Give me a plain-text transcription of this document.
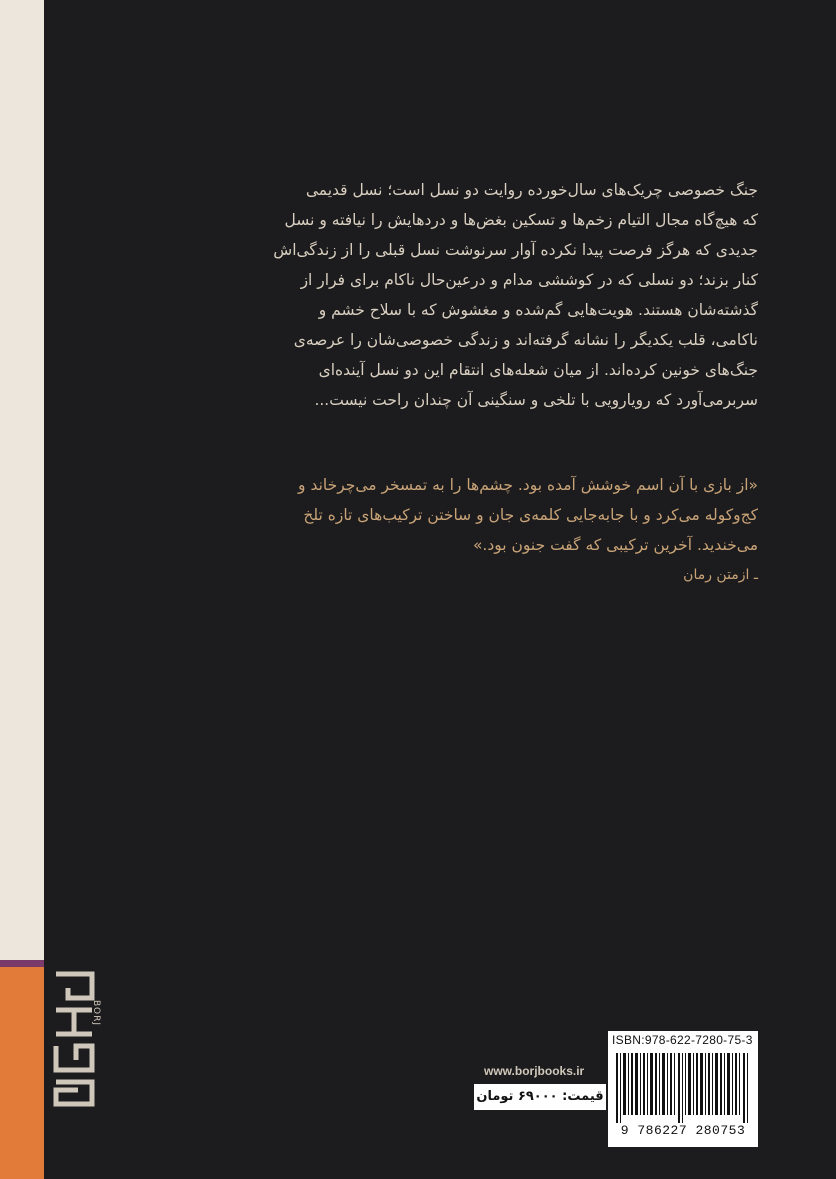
جنگ خصوصی چریک‌های سال‌خورده روایت دو نسل است؛ نسل قدیمی

که هیچ‌گاه مجال التیام زخم‌ها و تسکین بغض‌ها و دردهایش را نیافته و نسل

جدیدی که هرگز فرصت پیدا نکرده آوار سرنوشت نسل قبلی را از زندگی‌اش

کنار بزند؛ دو نسلی که در کوششی مدام و درعین‌حال ناکام برای فرار از

گذشته‌شان هستند. هویت‌هایی گم‌شده و مغشوش که با سلاح خشم و

ناکامی، قلب یکدیگر را نشانه گرفته‌اند و زندگی خصوصی‌شان را عرصه‌ی

جنگ‌های خونین کرده‌اند. از میان شعله‌های انتقام این دو نسل آینده‌ای

سربرمی‌آورد که رویارویی با تلخی و سنگینی آن چندان راحت نیست...

«از بازی با آن اسم خوشش آمده بود. چشم‌ها را به تمسخر می‌چرخاند و

کج‌وکوله می‌کرد و با جابه‌جایی کلمه‌ی جان و ساختن ترکیب‌های تازه تلخ

می‌خندید. آخرین ترکیبی که گفت جنون بود.»

ـ ازمتن رمان
BORJ
www.borjbooks.ir
ISBN:978-622-7280-75-3
9 786227 280753
قیمت: ۶۹۰۰۰ تومان
